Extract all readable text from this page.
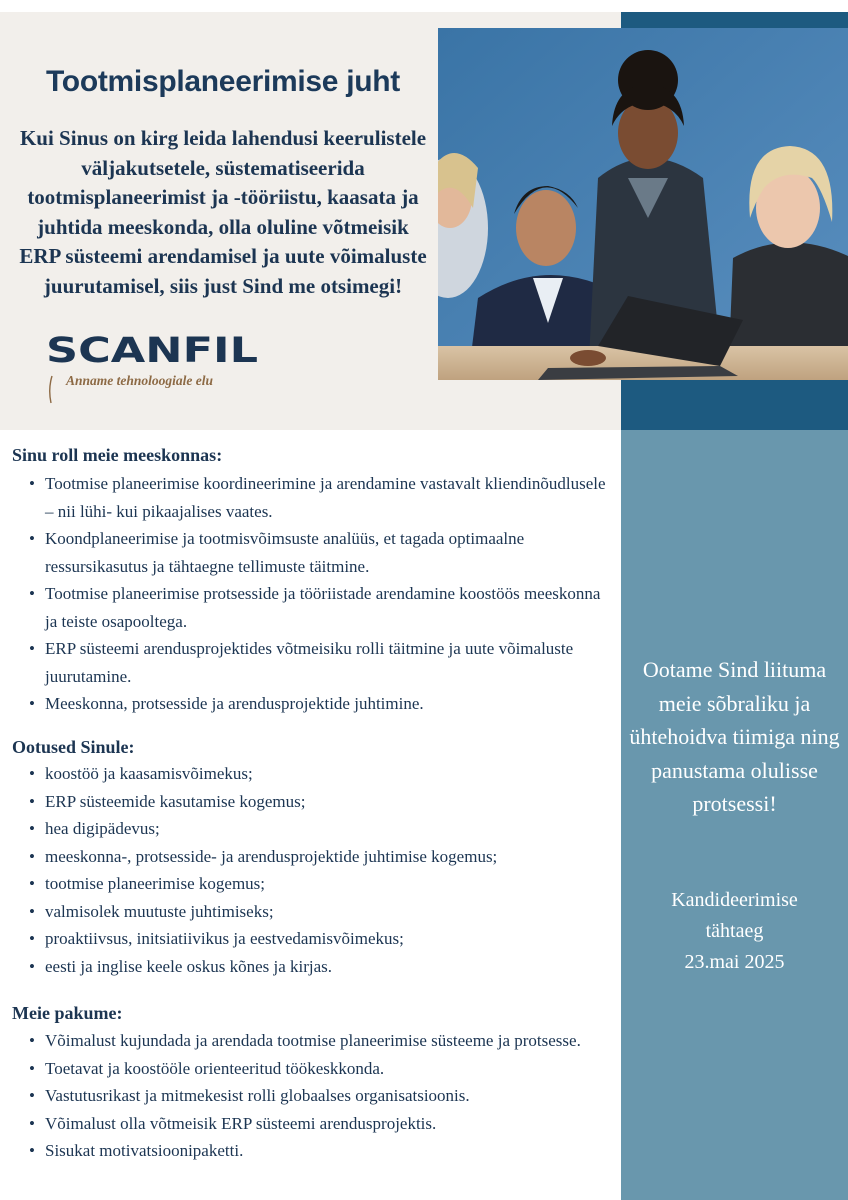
Tootmisplaneerimise juht
Kui Sinus on kirg leida lahendusi keerulistele väljakutsetele, süstematiseerida tootmisplaneerimist ja -tööriistu, kaasata ja juhtida meeskonda, olla oluline võtmeisik ERP süsteemi arendamisel ja uute võimaluste juurutamisel, siis just Sind me otsimegi!
SCANFIL
Anname tehnoloogiale elu
Sinu roll meie meeskonnas:
• Tootmise planeerimise koordineerimine ja arendamine vastavalt kliendinõudlusele – nii lühi- kui pikaajalises vaates.
• Koondplaneerimise ja tootmisvõimsuste analüüs, et tagada optimaalne ressursikasutus ja tähtaegne tellimuste täitmine.
• Tootmise planeerimise protsesside ja tööriistade arendamine koostöös meeskonna ja teiste osapooltega.
• ERP süsteemi arendusprojektides võtmeisiku rolli täitmine ja uute võimaluste juurutamine.
• Meeskonna, protsesside ja arendusprojektide juhtimine.
Ootused Sinule:
• koostöö ja kaasamisvõimekus;
• ERP süsteemide kasutamise kogemus;
• hea digipädevus;
• meeskonna-, protsesside- ja arendusprojektide juhtimise kogemus;
• tootmise planeerimise kogemus;
• valmisolek muutuste juhtimiseks;
• proaktiivsus, initsiatiivikus ja eestvedamisvõimekus;
• eesti ja inglise keele oskus kõnes ja kirjas.
Meie pakume:
• Võimalust kujundada ja arendada tootmise planeerimise süsteeme ja protsesse.
• Toetavat ja koostööle orienteeritud töökeskkonda.
• Vastutusrikast ja mitmekesist rolli globaalses organisatsioonis.
• Võimalust olla võtmeisik ERP süsteemi arendusprojektis.
• Sisukat motivatsioonipaketti.
Ootame Sind liituma meie sõbraliku ja ühtehoidva tiimiga ning panustama olulisse protsessi!
Kandideerimise tähtaeg
23.mai 2025
